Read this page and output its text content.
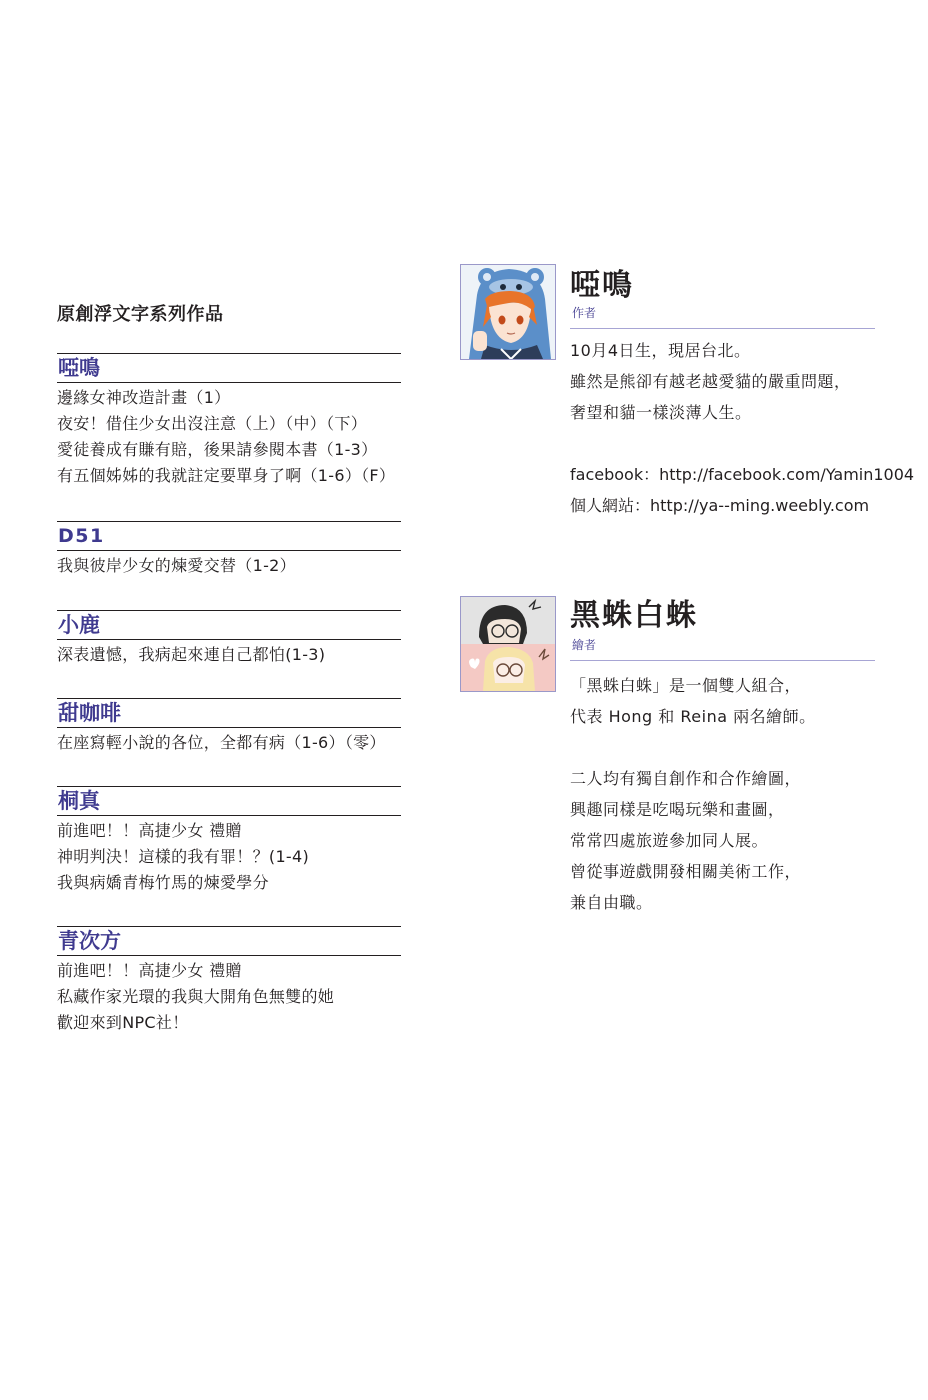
原創浮文字系列作品
啞鳴
邊緣女神改造計畫（1）
夜安！借住少女出沒注意（上）（中）（下）
愛徒養成有賺有賠，後果請參閱本書（1-3）
有五個姊姊的我就註定要單身了啊（1-6）（F）
D51
我與彼岸少女的煉愛交替（1-2）
小鹿
深表遺憾，我病起來連自己都怕(1-3)
甜咖啡
在座寫輕小說的各位，全都有病（1-6）（零）
桐真
前進吧！！高捷少女 禮贈
神明判決！這樣的我有罪！？(1-4)
我與病嬌青梅竹馬的煉愛學分
青次方
前進吧！！高捷少女 禮贈
私藏作家光環的我與大開角色無雙的她
歡迎來到NPC社！
啞鳴
作者
10月4日生，現居台北。
雖然是熊卻有越老越愛貓的嚴重問題，
奢望和貓一樣淡薄人生。
facebook：http://facebook.com/Yamin1004
個人網站：http://ya--ming.weebly.com
黑蛛白蛛
繪者
「黑蛛白蛛」是一個雙人組合，
代表 Hong 和 Reina 兩名繪師。
二人均有獨自創作和合作繪圖，
興趣同樣是吃喝玩樂和畫圖，
常常四處旅遊參加同人展。
曾從事遊戲開發相關美術工作，
兼自由職。
